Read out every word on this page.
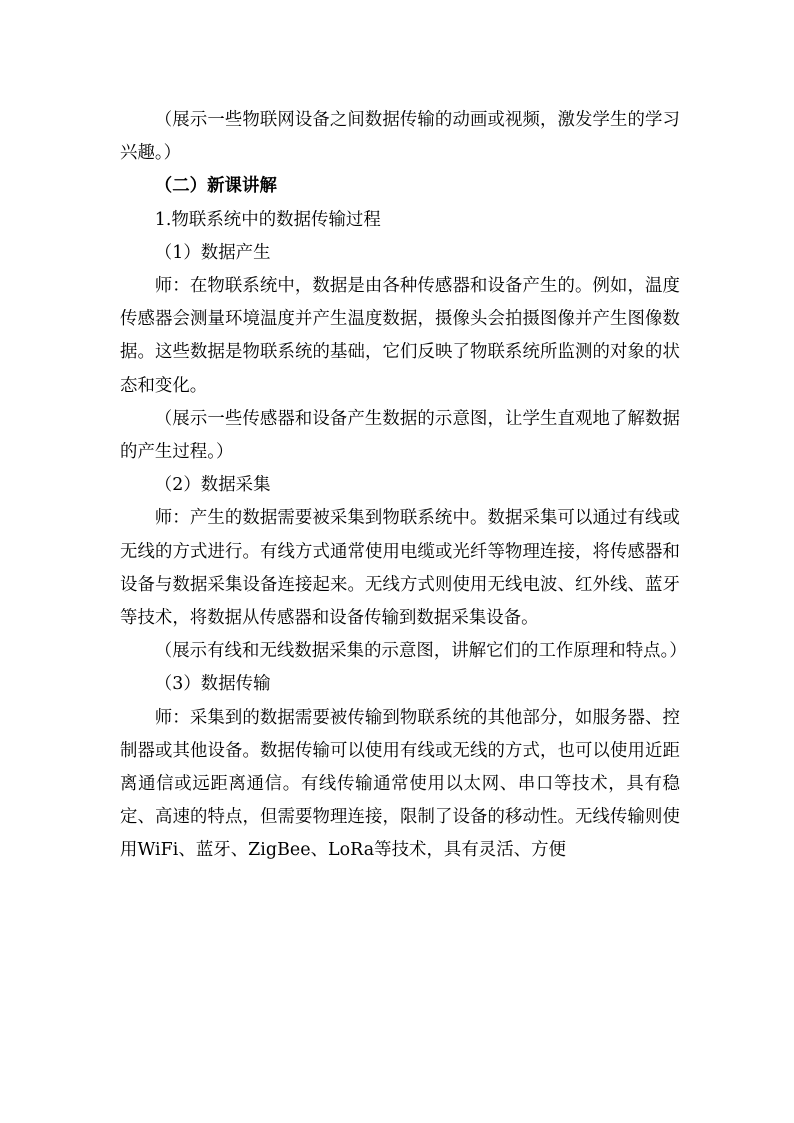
（展示一些物联网设备之间数据传输的动画或视频，激发学生的学习兴趣。）

（二）新课讲解

1.物联系统中的数据传输过程

（1）数据产生

师：在物联系统中，数据是由各种传感器和设备产生的。例如，温度传感器会测量环境温度并产生温度数据，摄像头会拍摄图像并产生图像数据。这些数据是物联系统的基础，它们反映了物联系统所监测的对象的状态和变化。

（展示一些传感器和设备产生数据的示意图，让学生直观地了解数据的产生过程。）

（2）数据采集

师：产生的数据需要被采集到物联系统中。数据采集可以通过有线或无线的方式进行。有线方式通常使用电缆或光纤等物理连接，将传感器和设备与数据采集设备连接起来。无线方式则使用无线电波、红外线、蓝牙等技术，将数据从传感器和设备传输到数据采集设备。

（展示有线和无线数据采集的示意图，讲解它们的工作原理和特点。）

（3）数据传输

师：采集到的数据需要被传输到物联系统的其他部分，如服务器、控制器或其他设备。数据传输可以使用有线或无线的方式，也可以使用近距离通信或远距离通信。有线传输通常使用以太网、串口等技术，具有稳定、高速的特点，但需要物理连接，限制了设备的移动性。无线传输则使用WiFi、蓝牙、ZigBee、LoRa等技术，具有灵活、方便
